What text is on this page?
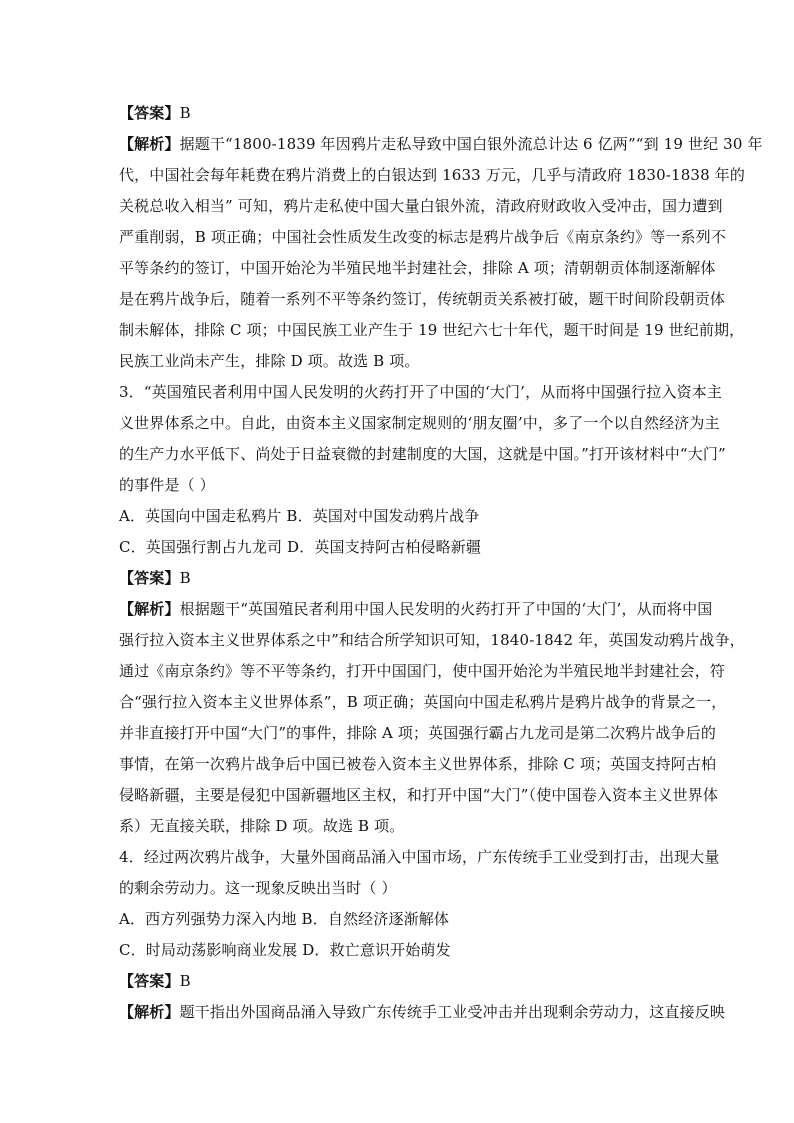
【答案】B
【解析】据题干“1800-1839 年因鸦片走私导致中国白银外流总计达 6 亿两”“到 19 世纪 30 年
代，中国社会每年耗费在鸦片消费上的白银达到 1633 万元，几乎与清政府 1830-1838 年的
关税总收入相当” 可知，鸦片走私使中国大量白银外流，清政府财政收入受冲击，国力遭到
严重削弱，B 项正确；中国社会性质发生改变的标志是鸦片战争后《南京条约》等一系列不
平等条约的签订，中国开始沦为半殖民地半封建社会，排除 A 项；清朝朝贡体制逐渐解体
是在鸦片战争后，随着一系列不平等条约签订，传统朝贡关系被打破，题干时间阶段朝贡体
制未解体，排除 C 项；中国民族工业产生于 19 世纪六七十年代，题干时间是 19 世纪前期，
民族工业尚未产生，排除 D 项。故选 B 项。
3．“英国殖民者利用中国人民发明的火药打开了中国的‘大门’，从而将中国强行拉入资本主
义世界体系之中。自此，由资本主义国家制定规则的‘朋友圈’中，多了一个以自然经济为主
的生产力水平低下、尚处于日益衰微的封建制度的大国，这就是中国。”打开该材料中“大门”
的事件是（ ）
A．英国向中国走私鸦片 B．英国对中国发动鸦片战争
C．英国强行割占九龙司 D．英国支持阿古柏侵略新疆
【答案】B
【解析】根据题干“英国殖民者利用中国人民发明的火药打开了中国的‘大门’，从而将中国
强行拉入资本主义世界体系之中”和结合所学知识可知，1840-1842 年，英国发动鸦片战争，
通过《南京条约》等不平等条约，打开中国国门，使中国开始沦为半殖民地半封建社会，符
合“强行拉入资本主义世界体系”，B 项正确；英国向中国走私鸦片是鸦片战争的背景之一，
并非直接打开中国“大门”的事件，排除 A 项；英国强行霸占九龙司是第二次鸦片战争后的
事情，在第一次鸦片战争后中国已被卷入资本主义世界体系，排除 C 项；英国支持阿古柏
侵略新疆，主要是侵犯中国新疆地区主权，和打开中国“大门”（使中国卷入资本主义世界体
系）无直接关联，排除 D 项。故选 B 项。
4．经过两次鸦片战争，大量外国商品涌入中国市场，广东传统手工业受到打击，出现大量
的剩余劳动力。这一现象反映出当时（ ）
A．西方列强势力深入内地 B．自然经济逐渐解体
C．时局动荡影响商业发展 D．救亡意识开始萌发
【答案】B
【解析】题干指出外国商品涌入导致广东传统手工业受冲击并出现剩余劳动力，这直接反映
